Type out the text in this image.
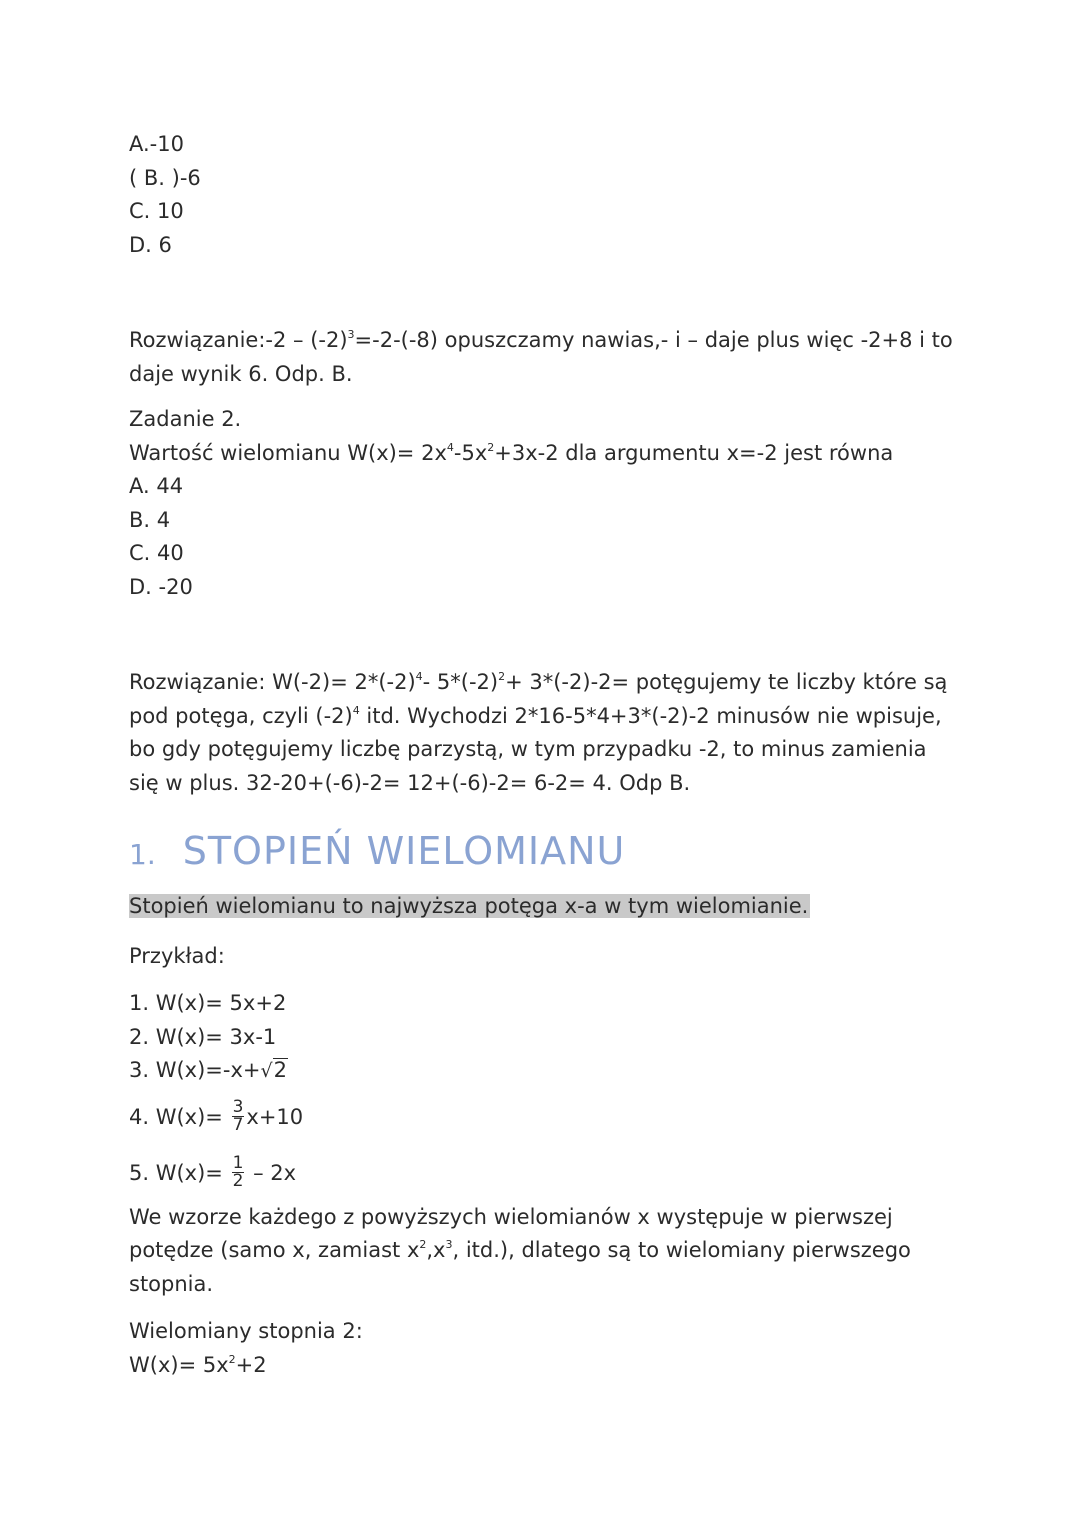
A.-10
( B. )-6
C. 10
D. 6
Rozwiązanie:-2 – $(-2)^3=-2-(-8)$ opuszczamy nawias,- i – daje plus więc -2+8 i to daje wynik 6. Odp. B.
Zadanie 2.
Wartość wielomianu $W(x)= 2x^4-5x^2+3x-2$ dla argumentu x=-2 jest równa
A. 44
B. 4
C. 40
D. -20
Rozwiązanie: $W(-2)= 2*(-2)^4-$ $5*(-2)^2+ 3*(-2)-2=$ potęgujemy te liczby które są pod potęga, czyli $(-2)^4$ itd. Wychodzi 2*16-5*4+3*(-2)-2 minusów nie wpisuje, bo gdy potęgujemy liczbę parzystą, w tym przypadku -2, to minus zamienia się w plus. 32-20+(-6)-2= 12+(-6)-2= 6-2= 4. Odp B.
1. STOPIEŃ WIELOMIANU
Stopień wielomianu to najwyższa potęga x-a w tym wielomianie.
Przykład:
1. W(x)= 5x+2
2. W(x)= 3x-1
3. W(x)=-x+ √ 2
4. $W(x)= \frac{3}{7} x+10$
5. $W(x)= \frac{1}{2} - 2x$
We wzorze każdego z powyższych wielomianów x występuje w pierwszej potędze (samo x, zamiast $x^2,x^3$, itd.), dlatego są to wielomiany pierwszego stopnia.
Wielomiany stopnia 2:
$W(x)= 5x^2+2$
